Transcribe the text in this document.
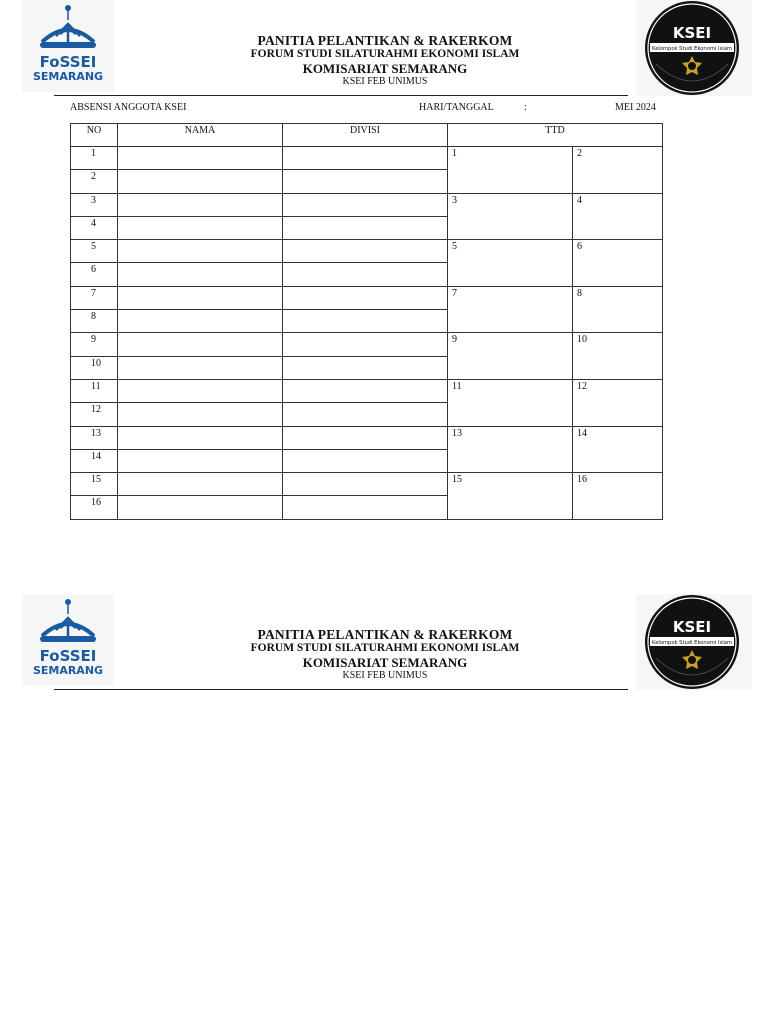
FoSSEI
SEMARANG
PANITIA PELANTIKAN & RAKERKOM
FORUM STUDI SILATURAHMI EKONOMI ISLAM
KOMISARIAT SEMARANG
KSEI FEB UNIMUS
KSEI
Kelompok Studi Ekonomi Islam
ABSENSI ANGGOTA KSEI	HARI/TANGGAL	:	MEI 2024
NO	NAMA	DIVISI	TTD	
1			1	2
2				
3			3	4
4				
5			5	6
6				
7			7	8
8				
9			9	10
10				
11			11	12
12				
13			13	14
14				
15			15	16
16				
FoSSEI
SEMARANG
PANITIA PELANTIKAN & RAKERKOM
FORUM STUDI SILATURAHMI EKONOMI ISLAM
KOMISARIAT SEMARANG
KSEI FEB UNIMUS
KSEI
Kelompok Studi Ekonomi Islam
